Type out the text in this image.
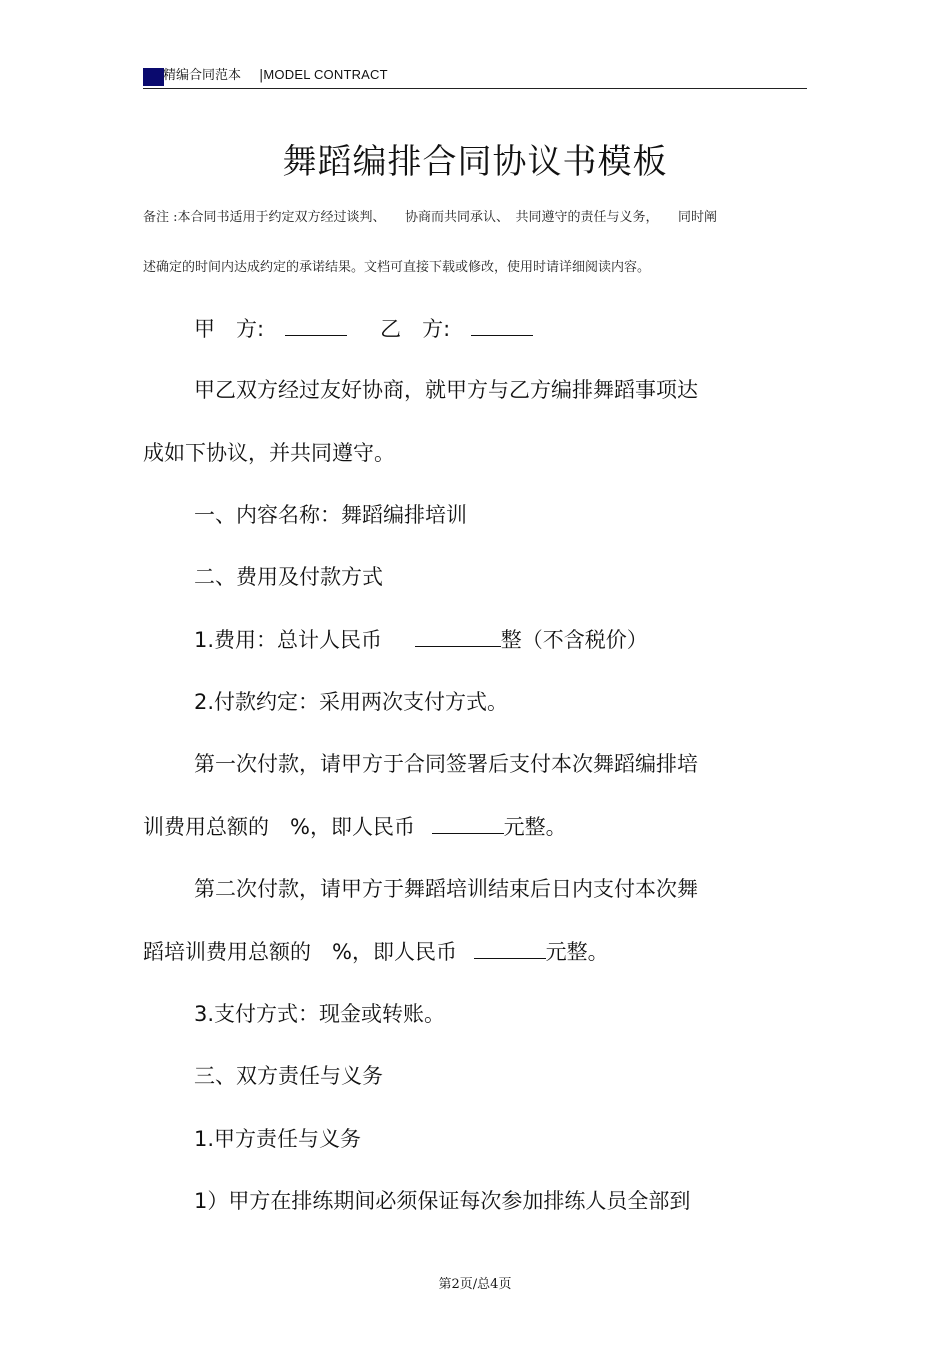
精编合同范本 |MODEL CONTRACT
舞蹈编排合同协议书模板
备注 :本合同书适用于约定双方经过谈判、　　协商而共同承认、　共同遵守的责任与义务，　　同时阐
述确定的时间内达成约定的承诺结果。文档可直接下载或修改，使用时请详细阅读内容。
甲　方:	乙　方:
甲乙双方经过友好协商，就甲方与乙方编排舞蹈事项达
成如下协议，并共同遵守。
一、内容名称：舞蹈编排培训
二、费用及付款方式
1.费用：总计人民币	整（不含税价）
2.付款约定：采用两次支付方式。
第一次付款，请甲方于合同签署后支付本次舞蹈编排培
训费用总额的　%，即人民币	元整。
第二次付款，请甲方于舞蹈培训结束后日内支付本次舞
蹈培训费用总额的　%，即人民币	元整。
3.支付方式：现金或转账。
三、双方责任与义务
1.甲方责任与义务
1）甲方在排练期间必须保证每次参加排练人员全部到
第2页/总4页
